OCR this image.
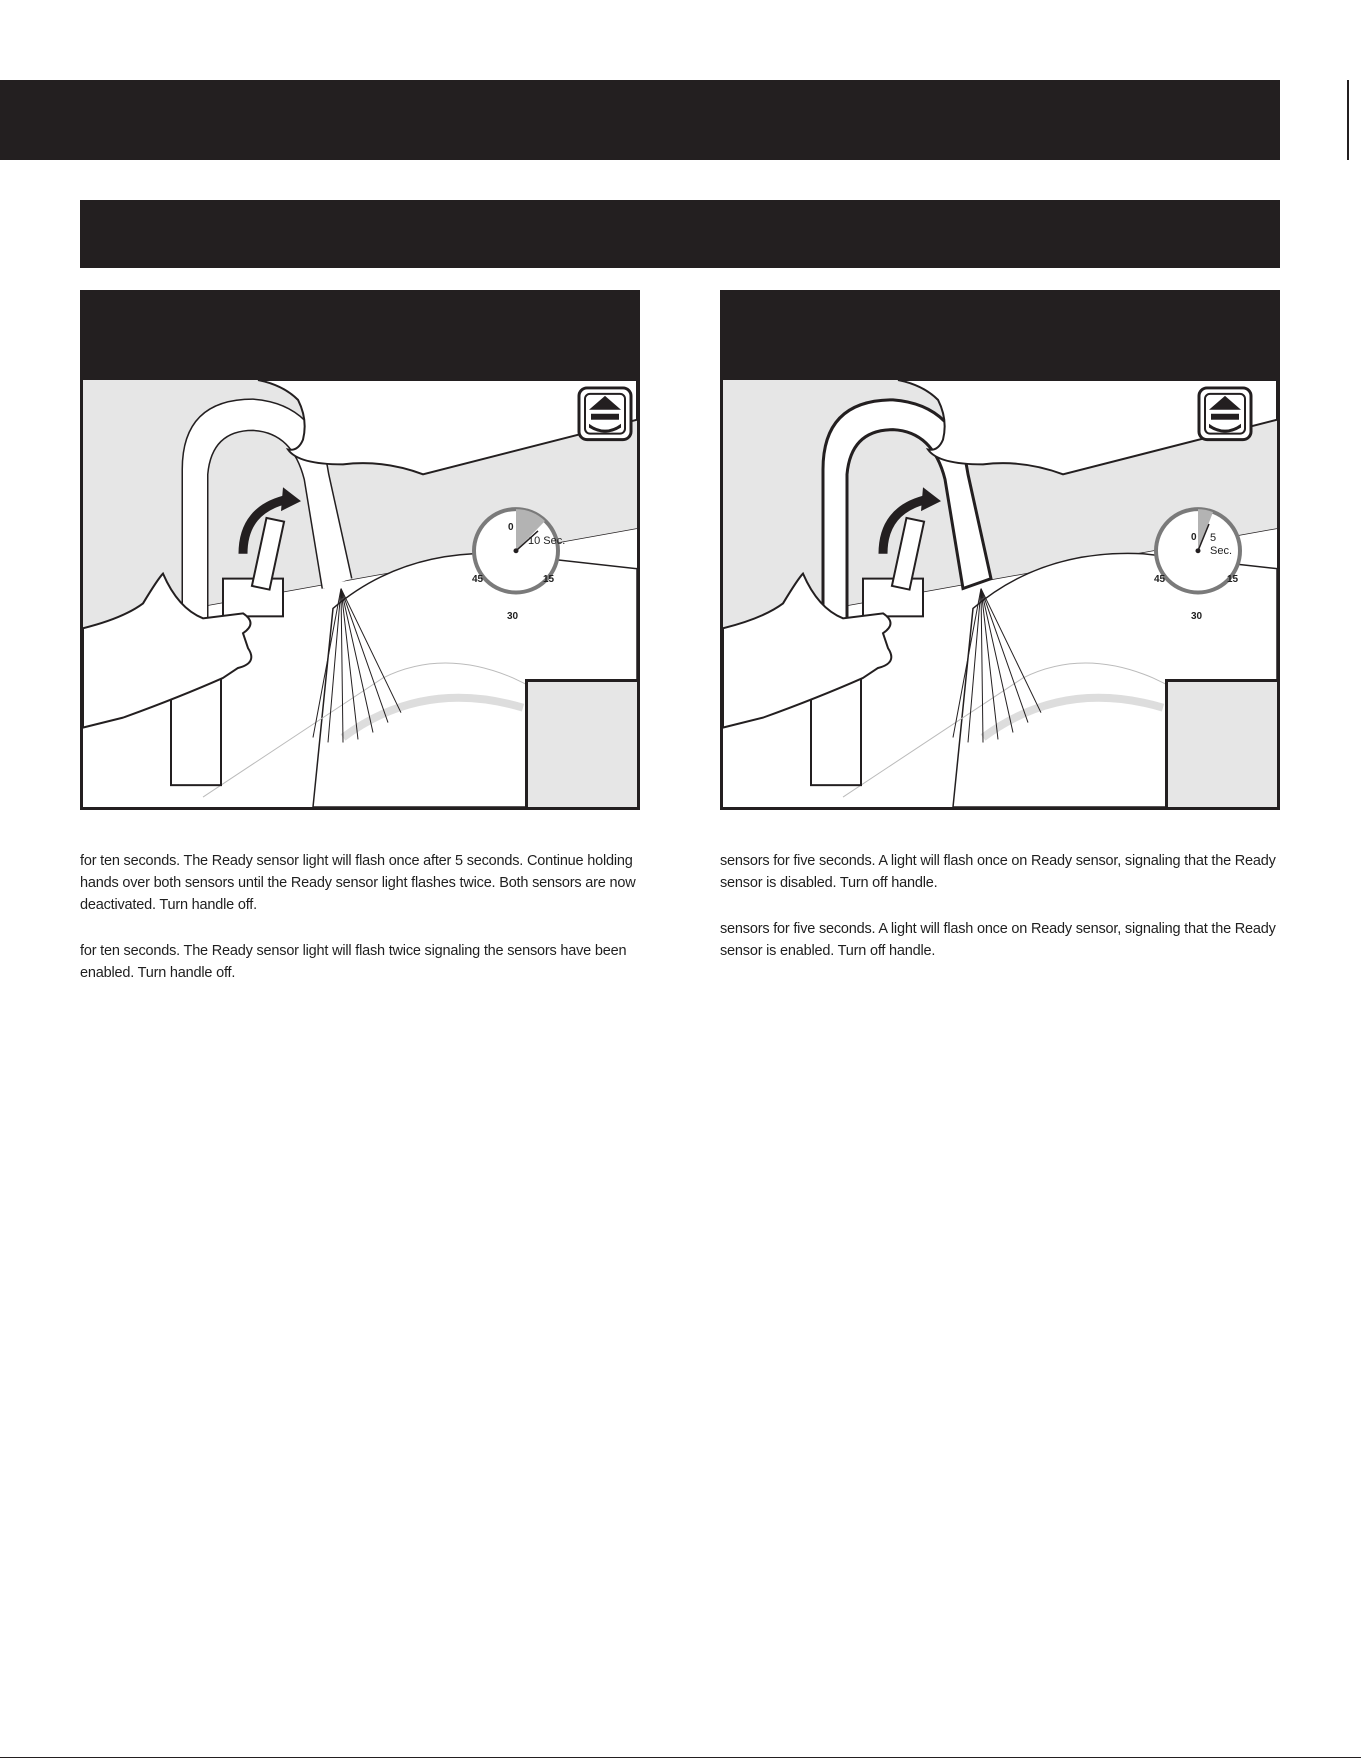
0
15
30
45
10 Sec.	0
15
30
45
5
Sec.

for ten seconds. The Ready sensor light will flash once after 5 seconds. Continue holding hands over both sensors until the Ready sensor light flashes twice. Both sensors are now deactivated. Turn handle off.

for ten seconds. The Ready sensor light will flash twice signaling the sensors have been enabled. Turn handle off.

sensors for five seconds. A light will flash once on Ready sensor, signaling that the Ready sensor is disabled. Turn off handle.

sensors for five seconds. A light will flash once on Ready sensor, signaling that the Ready sensor is enabled. Turn off handle.
